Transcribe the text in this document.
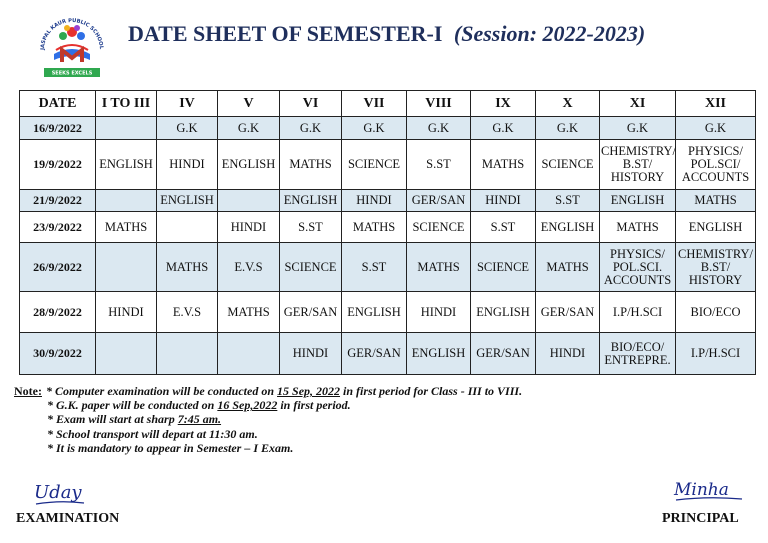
JASPAL KAUR PUBLIC SCHOOL
SEEKS EXCELS
DATE SHEET OF SEMESTER-I (Session: 2022-2023)
DATE	I TO III	IV	V	VI	VII	VIII	IX	X	XI	XII
16/9/2022		G.K	G.K	G.K	G.K	G.K	G.K	G.K	G.K	G.K
19/9/2022	ENGLISH	HINDI	ENGLISH	MATHS	SCIENCE	S.ST	MATHS	SCIENCE	CHEMISTRY/ B.ST/ HISTORY	PHYSICS/ POL.SCI/ ACCOUNTS
21/9/2022		ENGLISH		ENGLISH	HINDI	GER/SAN	HINDI	S.ST	ENGLISH	MATHS
23/9/2022	MATHS		HINDI	S.ST	MATHS	SCIENCE	S.ST	ENGLISH	MATHS	ENGLISH
26/9/2022		MATHS	E.V.S	SCIENCE	S.ST	MATHS	SCIENCE	MATHS	PHYSICS/ POL.SCI. ACCOUNTS	CHEMISTRY/ B.ST/ HISTORY
28/9/2022	HINDI	E.V.S	MATHS	GER/SAN	ENGLISH	HINDI	ENGLISH	GER/SAN	I.P/H.SCI	BIO/ECO
30/9/2022				HINDI	GER/SAN	ENGLISH	GER/SAN	HINDI	BIO/ECO/ ENTREPRE.	I.P/H.SCI
Note: * Computer examination will be conducted on 15 Sep, 2022 in first period for Class - III to VIII.
* G.K. paper will be conducted on 16 Sep,2022 in first period.
* Exam will start at sharp 7:45 am.
* School transport will depart at 11:30 am.
* It is mandatory to appear in Semester – I Exam.
Uday
EXAMINATION
Minha
PRINCIPAL
